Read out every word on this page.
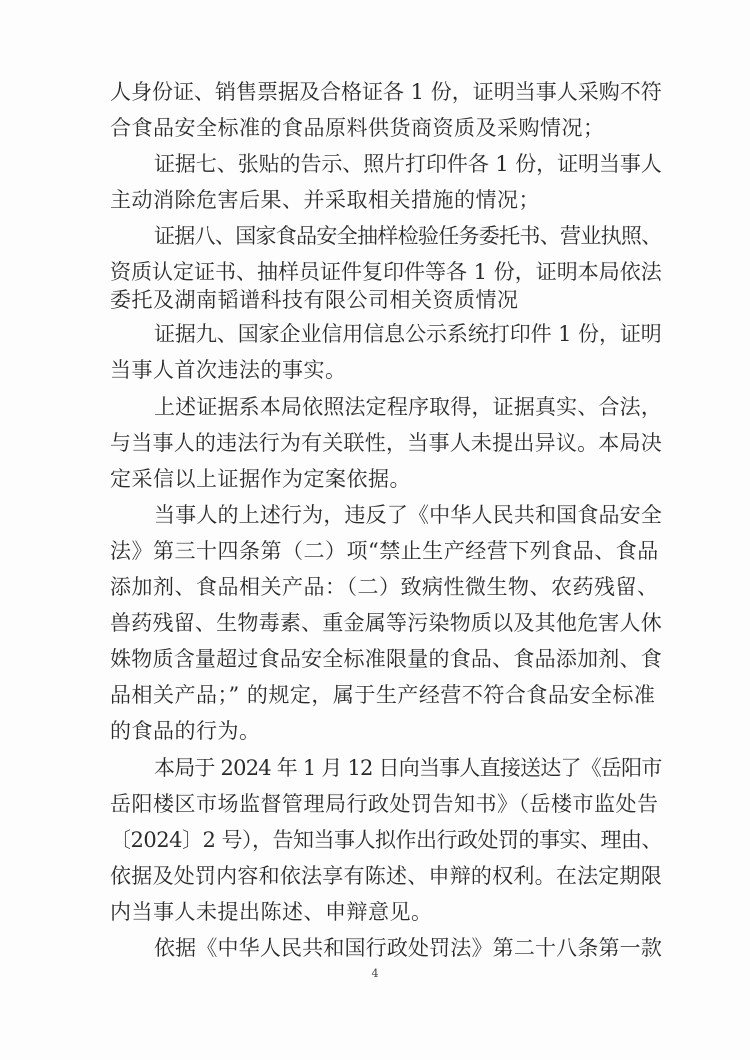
人身份证、销售票据及合格证各 1 份，证明当事人采购不符
合食品安全标准的食品原料供货商资质及采购情况；
证据七、张贴的告示、照片打印件各 1 份，证明当事人
主动消除危害后果、并采取相关措施的情况；
证据八、国家食品安全抽样检验任务委托书、营业执照、
资质认定证书、抽样员证件复印件等各 1 份，证明本局依法
委托及湖南韬谱科技有限公司相关资质情况
证据九、国家企业信用信息公示系统打印件 1 份，证明
当事人首次违法的事实。
上述证据系本局依照法定程序取得，证据真实、合法，
与当事人的违法行为有关联性，当事人未提出异议。本局决
定采信以上证据作为定案依据。
当事人的上述行为，违反了《中华人民共和国食品安全
法》第三十四条第（二）项“禁止生产经营下列食品、食品
添加剂、食品相关产品：（二）致病性微生物、农药残留、
兽药残留、生物毒素、重金属等污染物质以及其他危害人休
姝物质含量超过食品安全标准限量的食品、食品添加剂、食
品相关产品；” 的规定，属于生产经营不符合食品安全标准
的食品的行为。
本局于 2024 年 1 月 12 日向当事人直接送达了《岳阳市
岳阳楼区市场监督管理局行政处罚告知书》（岳楼市监处告
〔2024〕2 号），告知当事人拟作出行政处罚的事实、理由、
依据及处罚内容和依法享有陈述、申辩的权利。在法定期限
内当事人未提出陈述、申辩意见。
依据《中华人民共和国行政处罚法》第二十八条第一款
4
